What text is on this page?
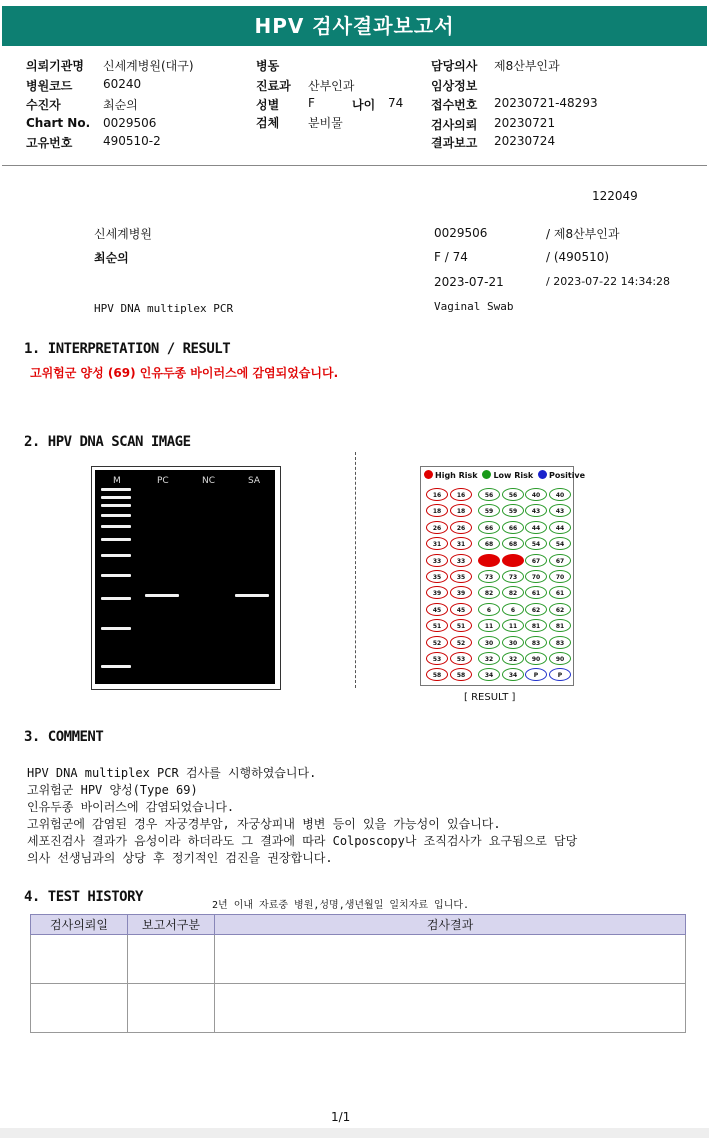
HPV 검사결과보고서
의뢰기관명 신세계병원(대구)
병원코드	60240
수진자	최순의
Chart No. 0029506
고유번호	490510-2
병동
진료과 산부인과
성별 F	나이 74
검체 분비물
담당의사 제8산부인과
임상정보
접수번호 20230721-48293
검사의뢰 20230721
결과보고 20230724
122049
신세계병원	0029506	/ 제8산부인과
최순의	F / 74	/ (490510)
2023-07-21	/ 2023-07-22 14:34:28
HPV DNA multiplex PCR	Vaginal Swab
1. INTERPRETATION / RESULT
고위험군 양성 (69) 인유두종 바이러스에 감염되었습니다.
2. HPV DNA SCAN IMAGE
M	PC	NC	SA
High Risk Low Risk Positive
16	16	56	56	40	40
18	18	59	59	43	43
26	26	66	66	44	44
31	31	68	68	54	54
33	33	69	69	67	67
35	35	73	73	70	70
39	39	82	82	61	61
45	45	6	6	62	62
51	51	11	11	81	81
52	52	30	30	83	83
53	53	32	32	90	90
58	58	34	34	P	P
[ RESULT ]
3. COMMENT
HPV DNA multiplex PCR 검사를 시행하였습니다.
고위험군 HPV 양성(Type 69)
인유두종 바이러스에 감염되었습니다.
고위험군에 감염된 경우 자궁경부암, 자궁상피내 병변 등이 있을 가능성이 있습니다.
세포진검사 결과가 음성이라 하더라도 그 결과에 따라 Colposcopy나 조직검사가 요구됨으로 담당
의사 선생님과의 상당 후 정기적인 검진을 권장합니다.
4. TEST HISTORY
2년 이내 자료중 병원,성명,생년월일 일치자료 입니다.
검사의뢰일	보고서구분	검사결과

1/1
